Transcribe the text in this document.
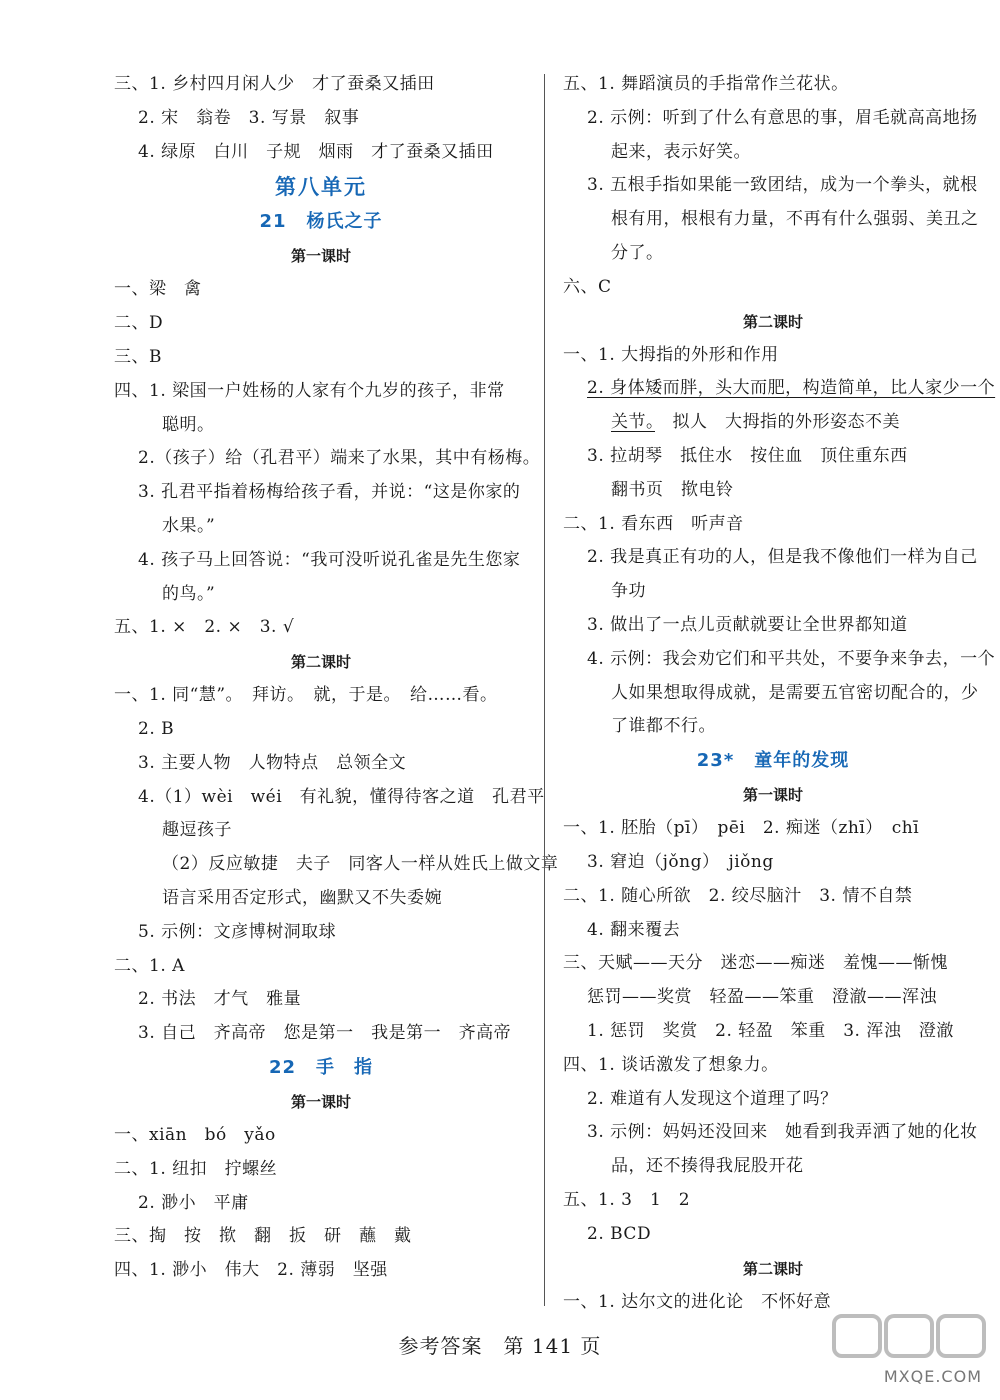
三、1. 乡村四月闲人少　才了蚕桑又插田
2. 宋　翁卷　3. 写景　叙事
4. 绿原　白川　子规　烟雨　才了蚕桑又插田
第八单元
21 杨氏之子
第一课时
一、梁　禽
二、D
三、B
四、1. 梁国一户姓杨的人家有个九岁的孩子，非常
聪明。
2.（孩子）给（孔君平）端来了水果，其中有杨梅。
3. 孔君平指着杨梅给孩子看，并说：“这是你家的
水果。”
4. 孩子马上回答说：“我可没听说孔雀是先生您家
的鸟。”
五、1. ×　2. ×　3. √
第二课时
一、1. 同“慧”。　拜访。　就，于是。　给……看。
2. B
3. 主要人物　人物特点　总领全文
4.（1）wèi　wéi　有礼貌，懂得待客之道　孔君平
趣逗孩子
（2）反应敏捷　夫子　同客人一样从姓氏上做文章
语言采用否定形式，幽默又不失委婉
5. 示例：文彦博树洞取球
二、1. A
2. 书法　才气　雅量
3. 自己　齐高帝　您是第一　我是第一　齐高帝
22 手　指
第一课时
一、xiān　bó　yǎo
二、1. 纽扣　拧螺丝
2. 渺小　平庸
三、掏　按　揿　翻　扳　研　蘸　戴
四、1. 渺小　伟大　2. 薄弱　坚强
五、1. 舞蹈演员的手指常作兰花状。
2. 示例：听到了什么有意思的事，眉毛就高高地扬
起来，表示好笑。
3. 五根手指如果能一致团结，成为一个拳头，就根
根有用，根根有力量，不再有什么强弱、美丑之
分了。
六、C
第二课时
一、1. 大拇指的外形和作用
2. 身体矮而胖，头大而肥，构造简单，比人家少一个
关节。　拟人　大拇指的外形姿态不美
3. 拉胡琴　抵住水　按住血　顶住重东西
翻书页　揿电铃
二、1. 看东西　听声音
2. 我是真正有功的人，但是我不像他们一样为自己
争功
3. 做出了一点儿贡献就要让全世界都知道
4. 示例：我会劝它们和平共处，不要争来争去，一个
人如果想取得成就，是需要五官密切配合的，少
了谁都不行。
23* 童年的发现
第一课时
一、1. 胚胎（pī）　pēi　2. 痴迷（zhī）　chī
3. 窘迫（jǒng）　jiǒng
二、1. 随心所欲　2. 绞尽脑汁　3. 情不自禁
4. 翻来覆去
三、天赋——天分　迷恋——痴迷　羞愧——惭愧
惩罚——奖赏　轻盈——笨重　澄澈——浑浊
1. 惩罚　奖赏　2. 轻盈　笨重　3. 浑浊　澄澈
四、1. 谈话激发了想象力。
2. 难道有人发现这个道理了吗？
3. 示例：妈妈还没回来　她看到我弄洒了她的化妆
品，还不揍得我屁股开花
五、1. 3　1　2
2. BCD
第二课时
一、1. 达尔文的进化论　不怀好意
参考答案　第 141 页
MXQE.COM
